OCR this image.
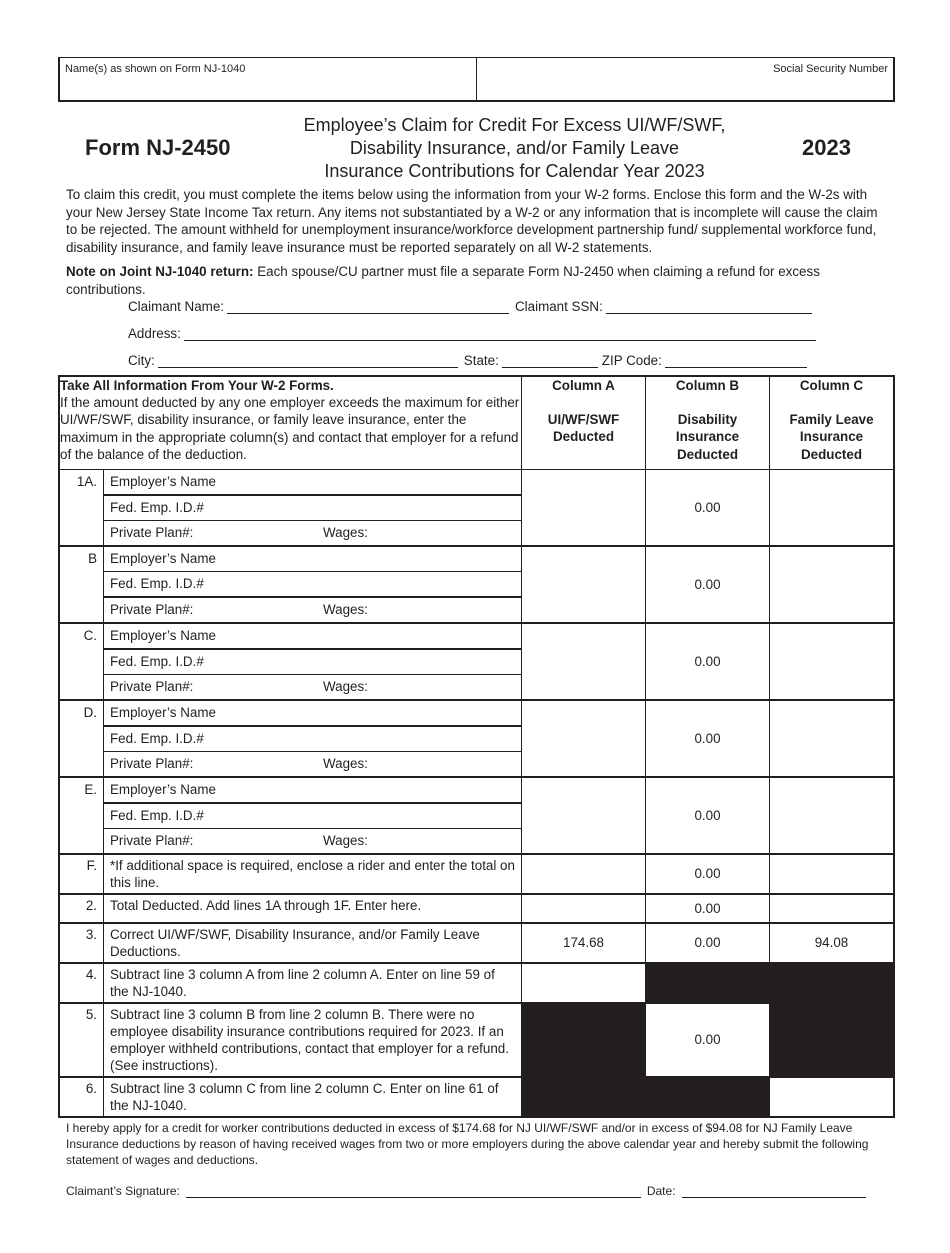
Name(s) as shown on Form NJ-1040	Social Security Number
Form NJ-2450
Employee’s Claim for Credit For Excess UI/WF/SWF,
Disability Insurance, and/or Family Leave
Insurance Contributions for Calendar Year 2023
2023
To claim this credit, you must complete the items below using the information from your W-2 forms. Enclose this form and the W-2s with your New Jersey State Income Tax return. Any items not substantiated by a W-2 or any information that is incomplete will cause the claim to be rejected. The amount withheld for unemployment insurance/workforce development partnership fund/ supplemental workforce fund, disability insurance, and family leave insurance must be reported separately on all W-2 statements.
Note on Joint NJ-1040 return: Each spouse/CU partner must file a separate Form NJ-2450 when claiming a refund for excess contributions.
Claimant Name:	Claimant SSN:
Address:
City:	State:	ZIP Code:
Take All Information From Your W-2 Forms.
If the amount deducted by any one employer exceeds the maximum for either UI/WF/SWF, disability insurance, or family leave insurance, enter the maximum in the appropriate column(s) and contact that employer for a refund of the balance of the deduction.

Column A
UI/WF/SWF
Deducted

Column B
Disability
Insurance
Deducted

Column C
Family Leave
Insurance
Deducted

1A.	Employer’s Name		0.00	
	Fed. Emp. I.D.#			

	Private Plan#: Wages:			

B	Employer’s Name		0.00	
	Fed. Emp. I.D.#			

	Private Plan#: Wages:			

C.	Employer’s Name		0.00	
	Fed. Emp. I.D.#			

	Private Plan#: Wages:			

D.	Employer’s Name		0.00	
	Fed. Emp. I.D.#			

	Private Plan#: Wages:			

E.	Employer’s Name		0.00	
	Fed. Emp. I.D.#			

	Private Plan#: Wages:			

F.	*If additional space is required, enclose a rider and enter the total on this line.		0.00	
2.	Total Deducted. Add lines 1A through 1F. Enter here.		0.00	
3.	Correct UI/WF/SWF, Disability Insurance, and/or Family Leave Deductions.	174.68	0.00	94.08
4.	Subtract line 3 column A from line 2 column A. Enter on line 59 of the NJ-1040.			
5.	Subtract line 3 column B from line 2 column B. There were no employee disability insurance contributions required for 2023. If an employer withheld contributions, contact that employer for a refund. (See instructions).		0.00	
6.	Subtract line 3 column C from line 2 column C. Enter on line 61 of the NJ-1040.			
I hereby apply for a credit for worker contributions deducted in excess of $174.68 for NJ UI/WF/SWF and/or in excess of $94.08 for NJ Family Leave Insurance deductions by reason of having received wages from two or more employers during the above calendar year and hereby submit the following statement of wages and deductions.
Claimant’s Signature:	Date:
